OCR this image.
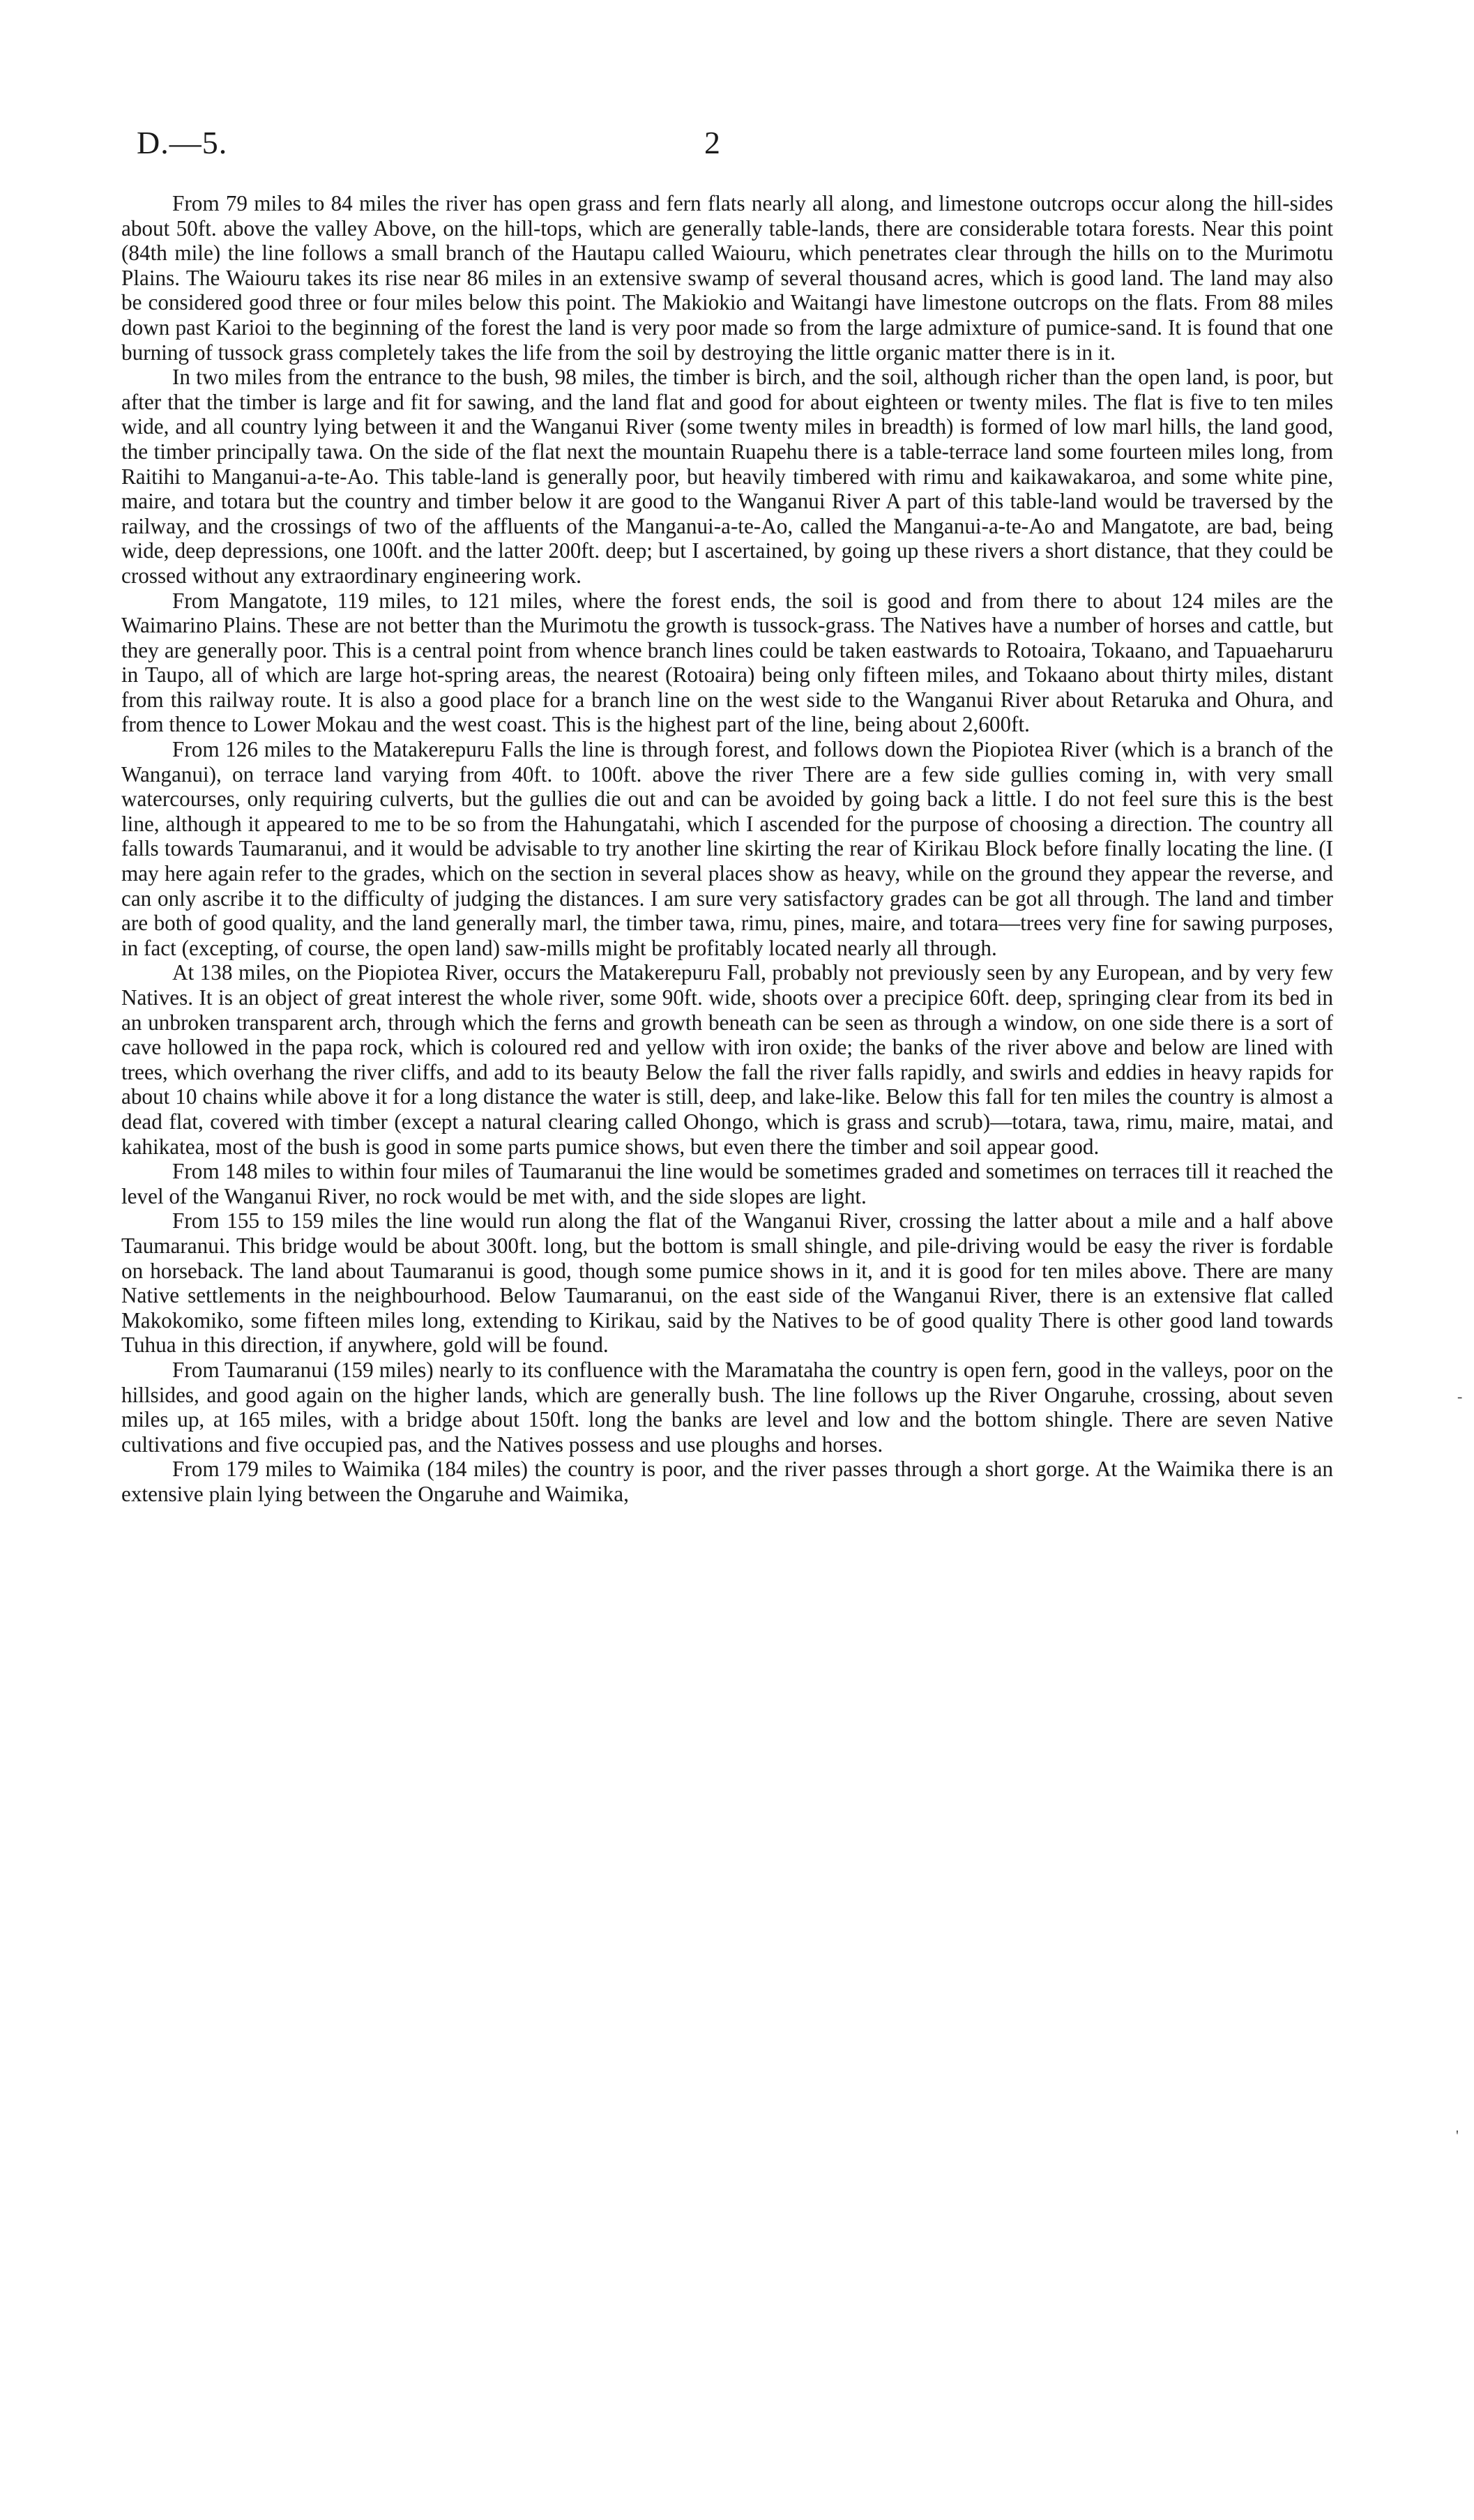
D.—5.	2

From 79 miles to 84 miles the river has open grass and fern flats nearly all along, and limestone outcrops occur along the hill-sides about 50ft. above the valley Above, on the hill-tops, which are generally table-lands, there are considerable totara forests. Near this point (84th mile) the line follows a small branch of the Hautapu called Waiouru, which penetrates clear through the hills on to the Murimotu Plains. The Waiouru takes its rise near 86 miles in an extensive swamp of several thousand acres, which is good land. The land may also be considered good three or four miles below this point. The Makiokio and Waitangi have limestone outcrops on the flats. From 88 miles down past Karioi to the beginning of the forest the land is very poor made so from the large admixture of pumice-sand. It is found that one burning of tussock grass completely takes the life from the soil by destroying the little organic matter there is in it.

In two miles from the entrance to the bush, 98 miles, the timber is birch, and the soil, although richer than the open land, is poor, but after that the timber is large and fit for sawing, and the land flat and good for about eighteen or twenty miles. The flat is five to ten miles wide, and all country lying between it and the Wanganui River (some twenty miles in breadth) is formed of low marl hills, the land good, the timber principally tawa. On the side of the flat next the mountain Ruapehu there is a table-terrace land some fourteen miles long, from Raitihi to Manganui-a-te-Ao. This table-land is generally poor, but heavily timbered with rimu and kaikawakaroa, and some white pine, maire, and totara but the country and timber below it are good to the Wanganui River A part of this table-land would be traversed by the railway, and the crossings of two of the affluents of the Manganui-a-te-Ao, called the Manganui-a-te-Ao and Mangatote, are bad, being wide, deep depressions, one 100ft. and the latter 200ft. deep; but I ascertained, by going up these rivers a short distance, that they could be crossed without any extraordinary engineering work.

From Mangatote, 119 miles, to 121 miles, where the forest ends, the soil is good and from there to about 124 miles are the Waimarino Plains. These are not better than the Murimotu the growth is tussock-grass. The Natives have a number of horses and cattle, but they are generally poor. This is a central point from whence branch lines could be taken eastwards to Rotoaira, Tokaano, and Tapuaeharuru in Taupo, all of which are large hot-spring areas, the nearest (Rotoaira) being only fifteen miles, and Tokaano about thirty miles, distant from this railway route. It is also a good place for a branch line on the west side to the Wanganui River about Retaruka and Ohura, and from thence to Lower Mokau and the west coast. This is the highest part of the line, being about 2,600ft.

From 126 miles to the Matakerepuru Falls the line is through forest, and follows down the Piopiotea River (which is a branch of the Wanganui), on terrace land varying from 40ft. to 100ft. above the river There are a few side gullies coming in, with very small watercourses, only requiring culverts, but the gullies die out and can be avoided by going back a little. I do not feel sure this is the best line, although it appeared to me to be so from the Hahungatahi, which I ascended for the purpose of choosing a direction. The country all falls towards Taumaranui, and it would be advisable to try another line skirting the rear of Kirikau Block before finally locating the line. (I may here again refer to the grades, which on the section in several places show as heavy, while on the ground they appear the reverse, and can only ascribe it to the difficulty of judging the distances. I am sure very satisfactory grades can be got all through. The land and timber are both of good quality, and the land generally marl, the timber tawa, rimu, pines, maire, and totara—trees very fine for sawing purposes, in fact (excepting, of course, the open land) saw-mills might be profitably located nearly all through.

At 138 miles, on the Piopiotea River, occurs the Matakerepuru Fall, probably not previously seen by any European, and by very few Natives. It is an object of great interest the whole river, some 90ft. wide, shoots over a precipice 60ft. deep, springing clear from its bed in an unbroken transparent arch, through which the ferns and growth beneath can be seen as through a window, on one side there is a sort of cave hollowed in the papa rock, which is coloured red and yellow with iron oxide; the banks of the river above and below are lined with trees, which overhang the river cliffs, and add to its beauty Below the fall the river falls rapidly, and swirls and eddies in heavy rapids for about 10 chains while above it for a long distance the water is still, deep, and lake-like. Below this fall for ten miles the country is almost a dead flat, covered with timber (except a natural clearing called Ohongo, which is grass and scrub)—totara, tawa, rimu, maire, matai, and kahikatea, most of the bush is good in some parts pumice shows, but even there the timber and soil appear good.

From 148 miles to within four miles of Taumaranui the line would be sometimes graded and sometimes on terraces till it reached the level of the Wanganui River, no rock would be met with, and the side slopes are light.

From 155 to 159 miles the line would run along the flat of the Wanganui River, crossing the latter about a mile and a half above Taumaranui. This bridge would be about 300ft. long, but the bottom is small shingle, and pile-driving would be easy the river is fordable on horseback. The land about Taumaranui is good, though some pumice shows in it, and it is good for ten miles above. There are many Native settlements in the neighbourhood. Below Taumaranui, on the east side of the Wanganui River, there is an extensive flat called Makokomiko, some fifteen miles long, extending to Kirikau, said by the Natives to be of good quality There is other good land towards Tuhua in this direction, if anywhere, gold will be found.

From Taumaranui (159 miles) nearly to its confluence with the Maramataha the country is open fern, good in the valleys, poor on the hillsides, and good again on the higher lands, which are generally bush. The line follows up the River Ongaruhe, crossing, about seven miles up, at 165 miles, with a bridge about 150ft. long the banks are level and low and the bottom shingle. There are seven Native cultivations and five occupied pas, and the Natives possess and use ploughs and horses.

From 179 miles to Waimika (184 miles) the country is poor, and the river passes through a short gorge. At the Waimika there is an extensive plain lying between the Ongaruhe and Waimika,

-
'
